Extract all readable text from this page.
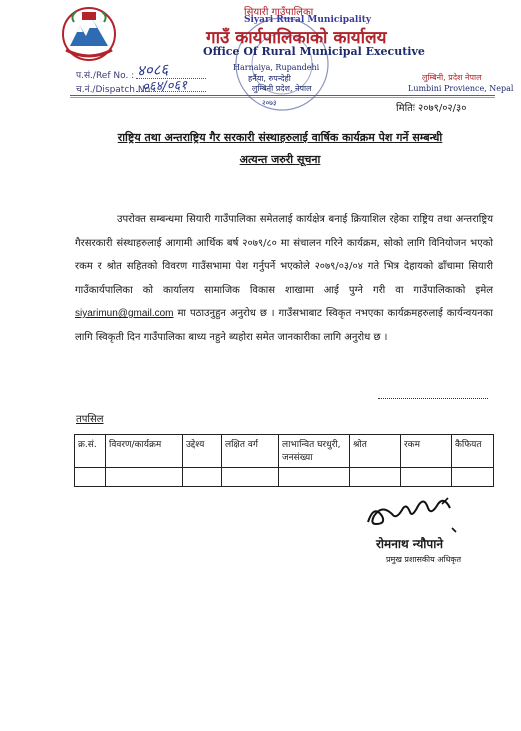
सियारी गाउँपालिका
Siyari Rural Municipality
गाउँ कार्यपालिकाको कार्यालय
Office Of Rural Municipal Executive
Harnaiya, Rupandehi
हर्नैया, रुपन्देही
लुम्बिनी प्रदेश, नेपाल
२०७३
प.सं./Ref No. : ४०८६
च.नं./Dispatch No.
०६४/०६१
लुम्बिनी, प्रदेश नेपाल
Lumbini Provience, Nepal
मितिः २०७९/०२/३०
राष्ट्रिय तथा अन्तराष्ट्रिय गैर सरकारी संस्थाहरुलाई वार्षिक कार्यक्रम पेश गर्ने सम्बन्धी
अत्यन्त जरुरी सूचना
उपरोक्त सम्बन्धमा सियारी गाउँपालिका समेतलाई कार्यक्षेत्र बनाई क्रियाशिल रहेका राष्ट्रिय तथा अन्तराष्ट्रिय गैरसरकारी संस्थाहरुलाई आगामी आर्थिक बर्ष २०७९/८० मा संचालन गरिने कार्यक्रम, सोको लागि विनियोजन भएको रकम र श्रोत सहितको विवरण गाउँसभामा पेश गर्नुपर्ने भएकोले २०७९/०३/०४ गते भित्र देहायको ढाँचामा सियारी गाउँकार्यपालिका को कार्यालय सामाजिक विकास शाखामा आई पुग्ने गरी वा गाउँपालिकाको इमेल siyarimun@gmail.com मा पठाउनुहुन अनुरोध छ । गाउँसभाबाट स्विकृत नभएका कार्यक्रमहरुलाई कार्यन्वयनका लागि स्विकृती दिन गाउँपालिका बाध्य नहुने ब्यहोरा समेत जानकारीका लागि अनुरोध छ ।
तपसिल
क्र.सं.	विवरण/कार्यक्रम	उद्देश्य	लक्षित वर्ग	लाभान्वित घरधुरी, जनसंख्या	श्रोत	रकम	कैफियत

रोमनाथ न्यौपाने
प्रमुख प्रशासकीय अधिकृत
